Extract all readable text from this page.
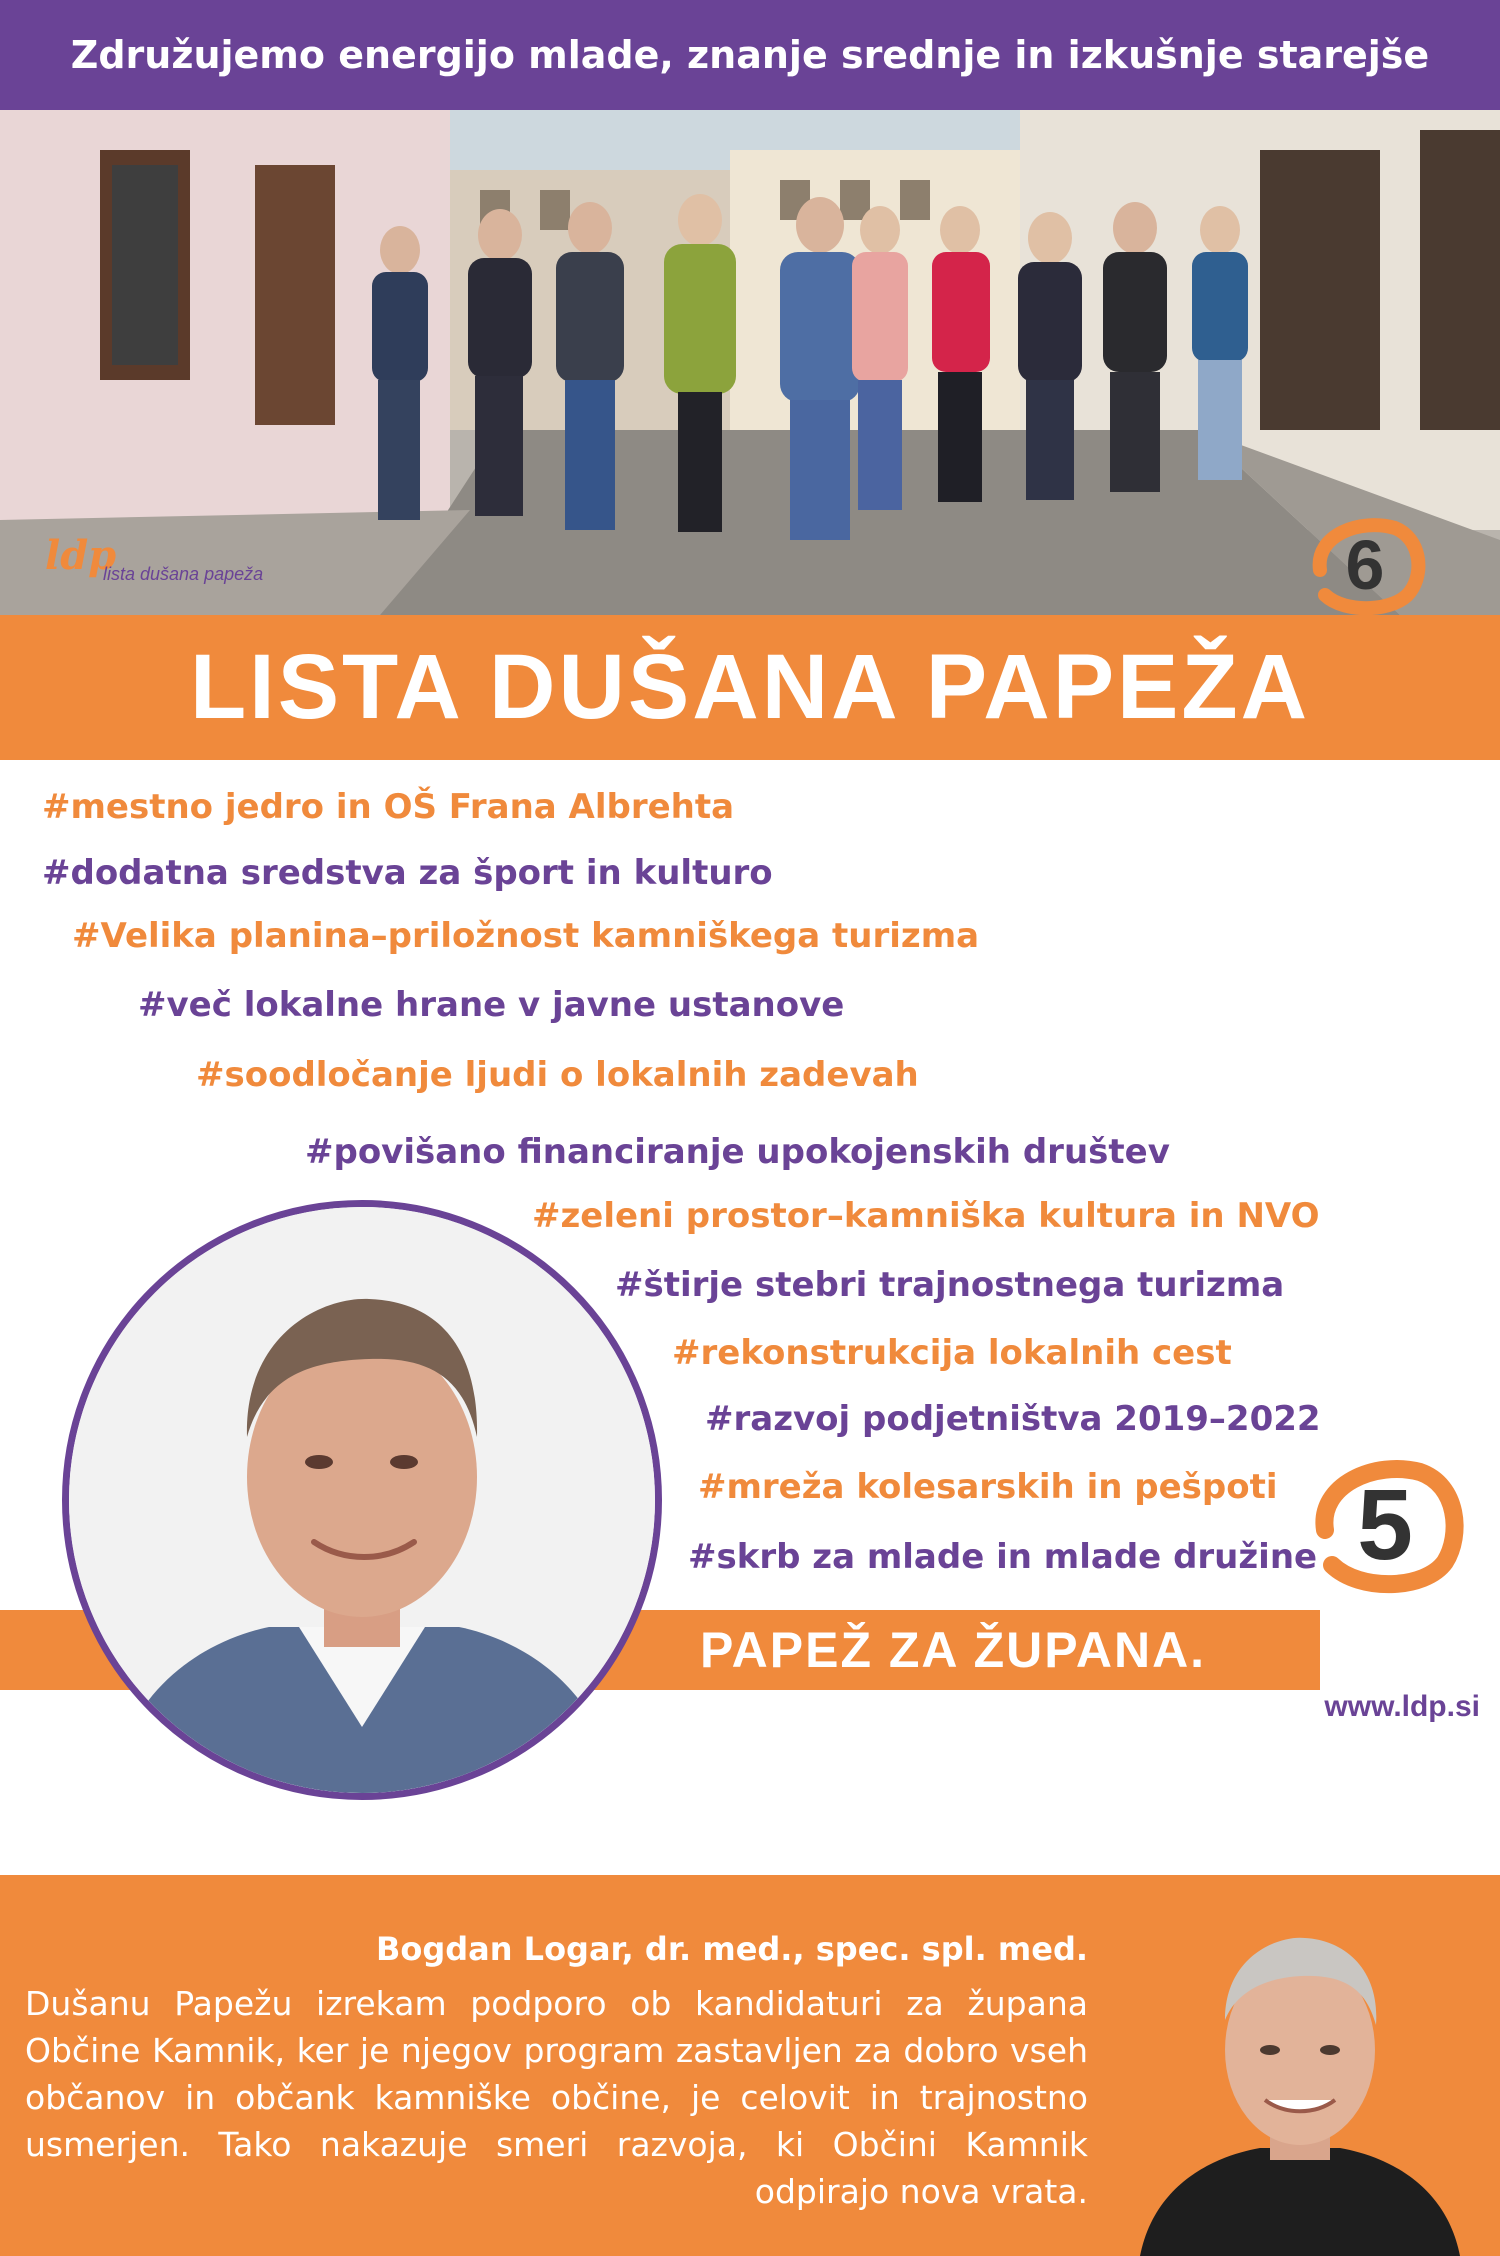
Združujemo energijo mlade, znanje srednje in izkušnje starejše
ldp
lista dušana papeža	6
LISTA DUŠANA PAPEŽA
#mestno jedro in OŠ Frana Albrehta
#dodatna sredstva za šport in kulturo
#Velika planina–priložnost kamniškega turizma
#več lokalne hrane v javne ustanove
#soodločanje ljudi o lokalnih zadevah
#povišano financiranje upokojenskih društev
#zeleni prostor–kamniška kultura in NVO
#štirje stebri trajnostnega turizma
#rekonstrukcija lokalnih cest
#razvoj podjetništva 2019–2022
#mreža kolesarskih in pešpoti
#skrb za mlade in mlade družine
PAPEŽ ZA ŽUPANA.
5
www.ldp.si
Bogdan Logar, dr. med., spec. spl. med.
Dušanu Papežu izrekam podporo ob kandidaturi za župana Občine Kamnik, ker je njegov program zastavljen za dobro vseh občanov in občank kamniške občine, je celovit in trajnostno usmerjen. Tako nakazuje smeri razvoja, ki Občini Kamnik odpirajo nova vrata.
